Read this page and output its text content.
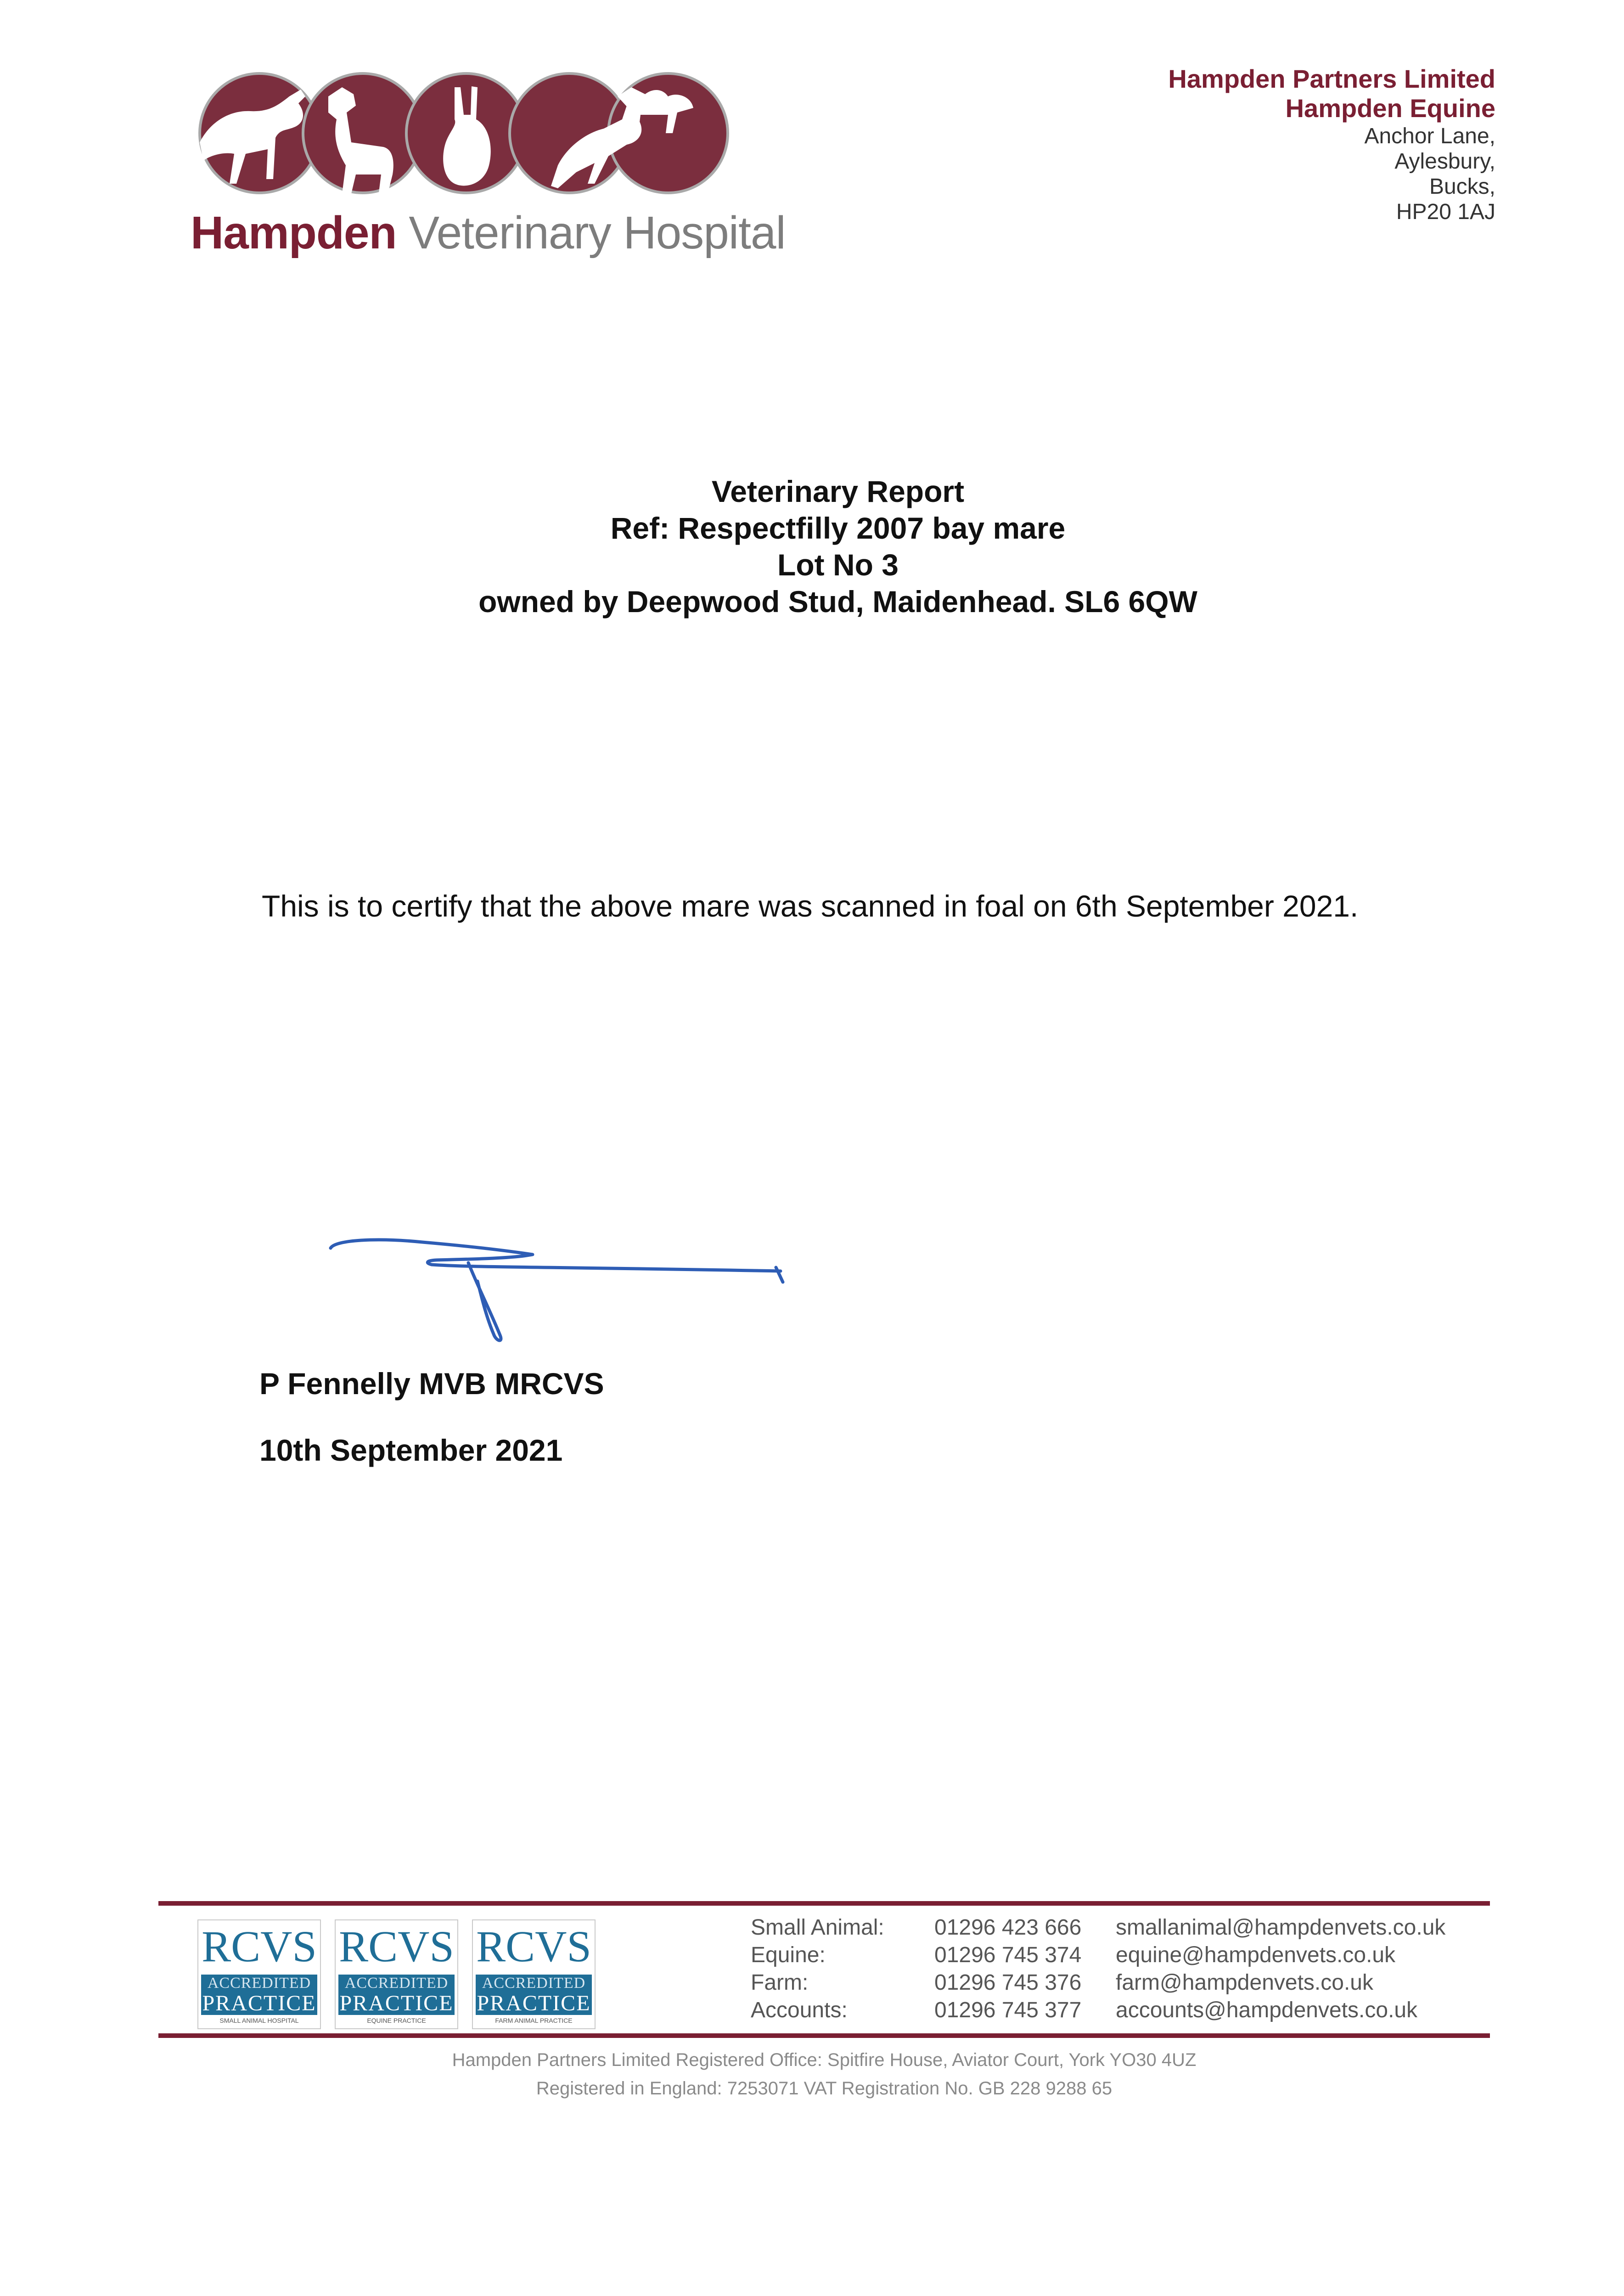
Hampden Veterinary Hospital
Hampden Partners Limited
Hampden Equine
Anchor Lane,
Aylesbury,
Bucks,
HP20 1AJ
Veterinary Report
Ref: Respectfilly 2007 bay mare
Lot No 3
owned by Deepwood Stud, Maidenhead. SL6 6QW
This is to certify that the above mare was scanned in foal on 6th September 2021.
P Fennelly MVB MRCVS
10th September 2021
RCVS
ACCREDITED
PRACTICE
SMALL ANIMAL HOSPITAL
RCVS
ACCREDITED
PRACTICE
EQUINE PRACTICE
RCVS
ACCREDITED
PRACTICE
FARM ANIMAL PRACTICE
Small Animal:	01296 423 666	smallanimal@hampdenvets.co.uk
Equine:	01296 745 374	equine@hampdenvets.co.uk
Farm:	01296 745 376	farm@hampdenvets.co.uk
Accounts:	01296 745 377	accounts@hampdenvets.co.uk
Hampden Partners Limited Registered Office: Spitfire House, Aviator Court, York YO30 4UZ
Registered in England: 7253071 VAT Registration No. GB 228 9288 65
